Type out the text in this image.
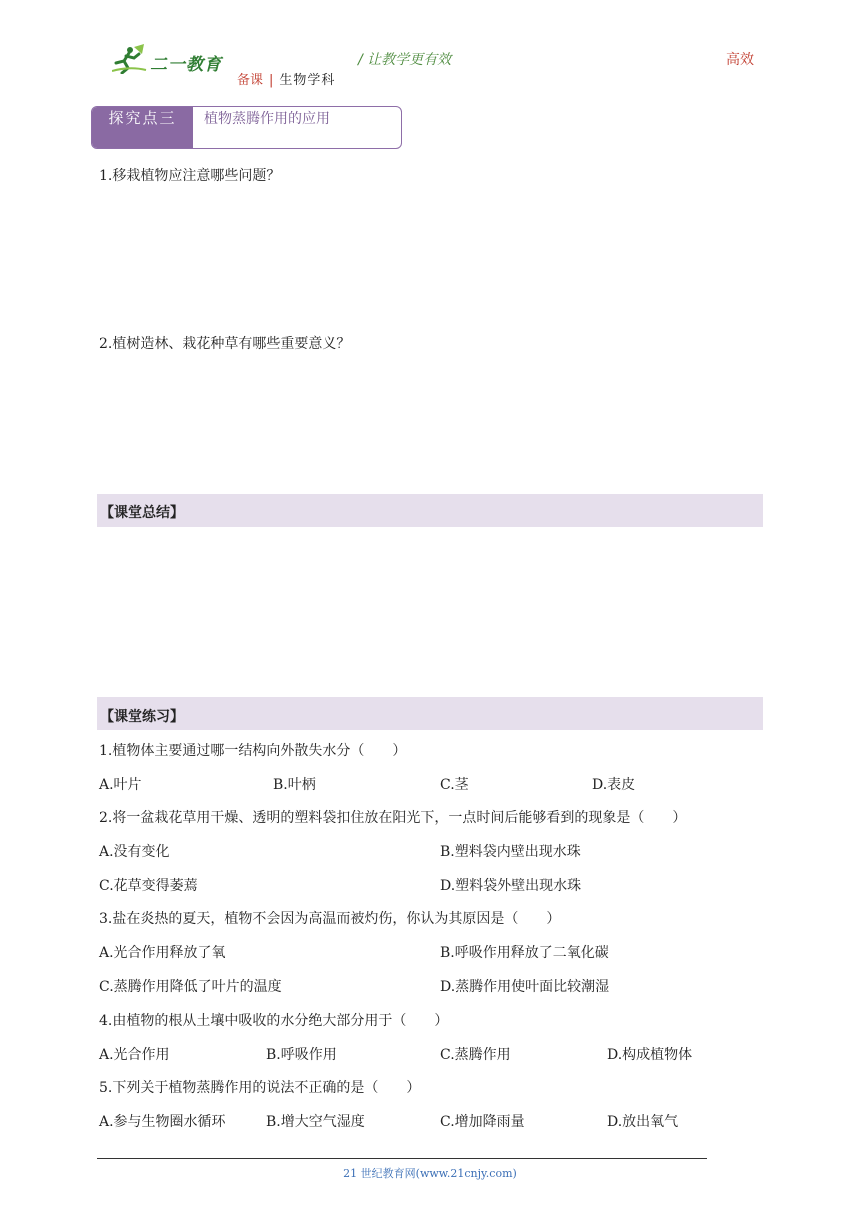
二一教育	/ 让教学更有效	高效
备课 | 生物学科
探究点三	植物蒸腾作用的应用
1.移栽植物应注意哪些问题？
2.植树造林、栽花种草有哪些重要意义？
【课堂总结】
【课堂练习】
1.植物体主要通过哪一结构向外散失水分（　　）
A.叶片	B.叶柄	C.茎	D.表皮
2.将一盆栽花草用干燥、透明的塑料袋扣住放在阳光下，一点时间后能够看到的现象是（　　）
A.没有变化	B.塑料袋内壁出现水珠
C.花草变得萎蔫	D.塑料袋外壁出现水珠
3.盐在炎热的夏天，植物不会因为高温而被灼伤，你认为其原因是（　　）
A.光合作用释放了氧	B.呼吸作用释放了二氧化碳
C.蒸腾作用降低了叶片的温度	D.蒸腾作用使叶面比较潮湿
4.由植物的根从土壤中吸收的水分绝大部分用于（　　）
A.光合作用	B.呼吸作用	C.蒸腾作用	D.构成植物体
5.下列关于植物蒸腾作用的说法不正确的是（　　）
A.参与生物圈水循环	B.增大空气湿度	C.增加降雨量	D.放出氧气
21 世纪教育网(www.21cnjy.com)
